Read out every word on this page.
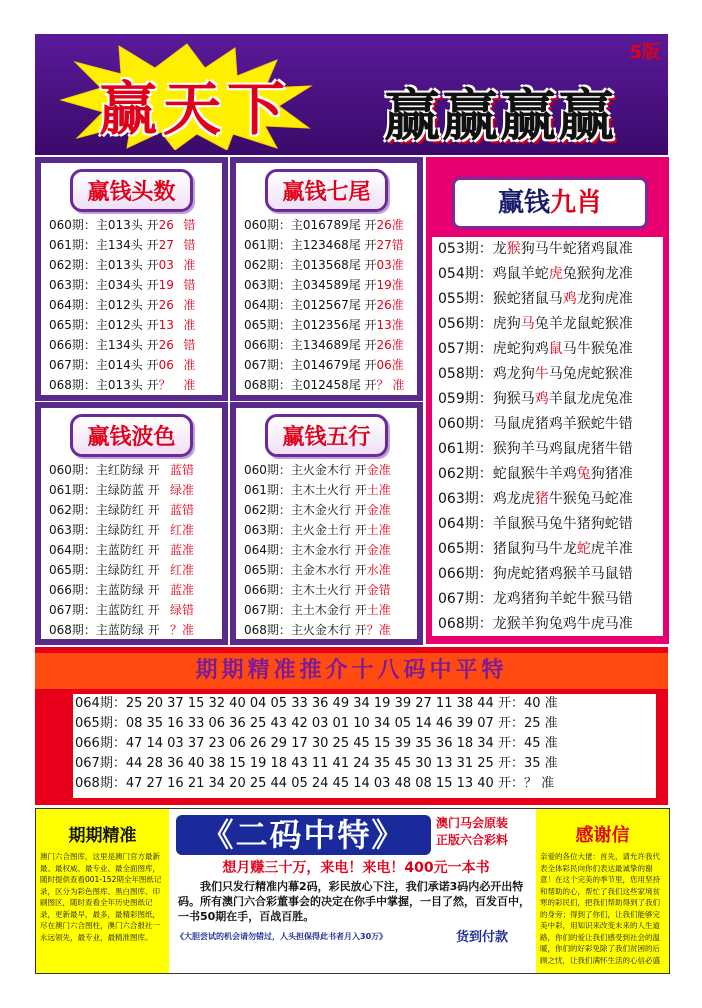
赢天下	赢赢赢赢
5版
赢钱头数
060期：主013头 开 26 错
061期：主134头 开 27 错
062期：主013头 开 03 准
063期：主034头 开 19 错
064期：主012头 开 26 准
065期：主012头 开 13 准
066期：主134头 开 26 错
067期：主014头 开 06 准
068期：主013头 开 ？	准
赢钱七尾
060期：主016789尾 开 26准
061期：主123468尾 开 27错
062期：主013568尾 开 03准
063期：主034589尾 开 19准
064期：主012567尾 开 26准
065期：主012356尾 开 13准
066期：主134689尾 开 26准
067期：主014679尾 开 06准
068期：主012458尾 开 ？ 准
赢钱波色
060期：主红防绿 开 蓝错
061期：主绿防蓝 开 绿准
062期：主绿防红 开 蓝错
063期：主绿防红 开 红准
064期：主蓝防红 开 蓝准
065期：主绿防红 开 红准
066期：主蓝防绿 开 蓝准
067期：主蓝防红 开 绿错
068期：主蓝防绿 开 ？准
赢钱五行
060期：主火金木行 开 金准
061期：主木土火行 开 土准
062期：主木金火行 开 金准
063期：主火金土行 开 土准
064期：主木金水行 开 金准
065期：主金木水行 开 水准
066期：主木土火行 开 金错
067期：主土木金行 开 土准
068期：主火金木行 开 ？准
赢钱九肖
053期：龙猴狗马牛蛇猪鸡鼠准
054期：鸡鼠羊蛇虎兔猴狗龙准
055期：猴蛇猪鼠马鸡龙狗虎准
056期：虎狗马兔羊龙鼠蛇猴准
057期：虎蛇狗鸡鼠马牛猴兔准
058期：鸡龙狗牛马兔虎蛇猴准
059期：狗猴马鸡羊鼠龙虎兔准
060期：马鼠虎猪鸡羊猴蛇牛错
061期：猴狗羊马鸡鼠虎猪牛错
062期：蛇鼠猴牛羊鸡兔狗猪准
063期：鸡龙虎猪牛猴兔马蛇准
064期：羊鼠猴马兔牛猪狗蛇错
065期：猪鼠狗马牛龙蛇虎羊准
066期：狗虎蛇猪鸡猴羊马鼠错
067期：龙鸡猪狗羊蛇牛猴马错
068期：龙猴羊狗兔鸡牛虎马准
期期精准推介十八码中平特
064期：25 20 37 15 32 40 04 05 33 36 49 34 19 39 27 11 38 44 开：40 准
065期：08 35 16 33 06 36 25 43 42 03 01 10 34 05 14 46 39 07 开：25 准
066期：47 14 03 37 23 06 26 29 17 30 25 45 15 39 35 36 18 34 开：45 准
067期：44 28 36 40 38 15 19 18 43 11 41 24 35 45 30 13 31 25 开：35 准
068期：47 27 16 21 34 20 25 44 05 24 45 14 03 48 08 15 13 40 开：？ 准
期期精准
澳门六合图库，这里是澳门官方最新最、最权威、最专业、最全面图库，随时提供查看001-152期全年图纸记录，区分为彩色图库、黑白图库、印刷图区，随时查看全年历史图纸记录，更新最早，最多，最精彩图纸，尽在澳门六合图柱，澳门六合报社一永远领先，最专业，最精准图库。
《二码中特》	澳门马会原装
正版六合彩料
想月赚三十万，来电！来电！400元一本书
我们只发行精准内幕2码，彩民放心下注，我们承诺3码内必开出特码。所有澳门六合彩董事会的决定在你手中掌握，一目了然，百发百中，一书50期在手，百战百胜。
《大胆尝试的机会请勿错过，人头担保得此书者月入30万》	货到付款
感谢信
亲爱的各位大佬：首先，请允许我代表全体彩民向你们表达最诚挚的谢意！在这个完美的季节里，您用坚持和帮助的心，帮忙了我们这些家境贫寒的彩民们，把我们帮助得到了我们的身旁；得到了你们，让我们能够完美中彩，用知识来改变未来的人生道路，你们的爱让我们感受到社会的温暖，你们的好彩免除了我们贫困的后顾之忧，让我们满怀生活的心信必盛
